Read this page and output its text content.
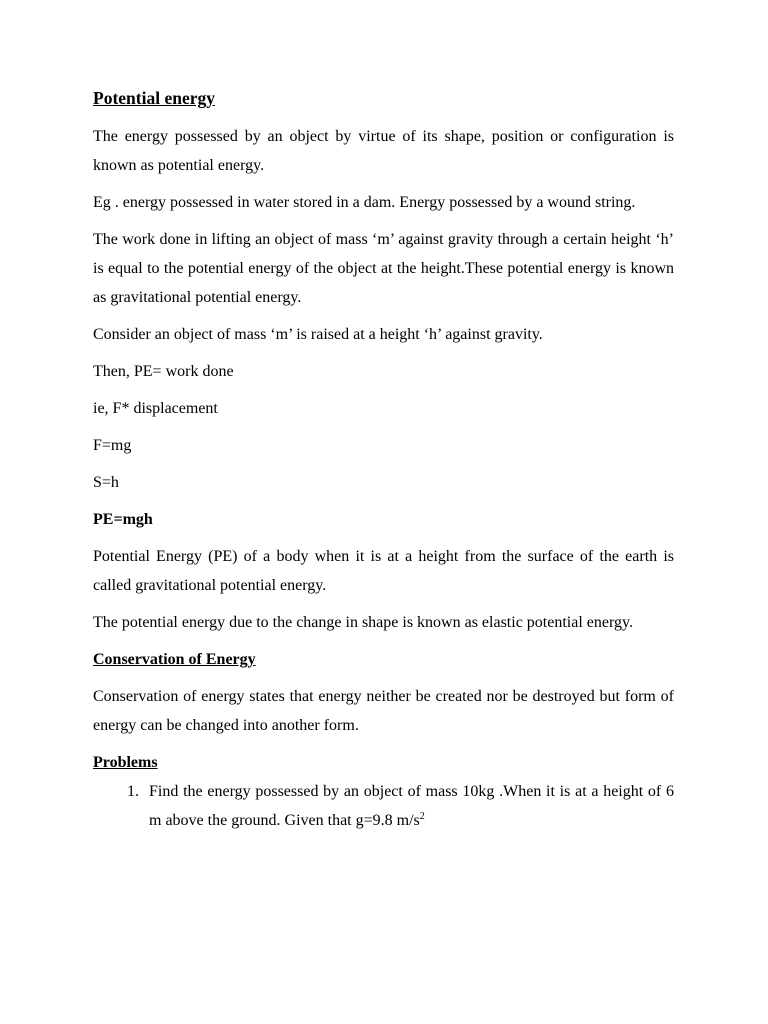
Potential energy

The energy possessed by an object by virtue of its shape, position or configuration is known as potential energy.

Eg . energy possessed in water stored in a dam. Energy possessed by a wound string.

The work done in lifting an object of mass ‘m’ against gravity through a certain height ‘h’ is equal to the potential energy of the object at the height.These potential energy is known as gravitational potential energy.

Consider an object of mass ‘m’ is raised at a height ‘h’ against gravity.

Then, PE= work done

ie, F* displacement

F=mg

S=h

PE=mgh

Potential Energy (PE) of a body when it is at a height from the surface of the earth is called gravitational potential energy.

The potential energy due to the change in shape is known as elastic potential energy.

Conservation of Energy

Conservation of energy states that energy neither be created nor be destroyed but form of energy can be changed into another form.

Problems
1. Find the energy possessed by an object of mass 10kg .When it is at a height of 6 m above the ground. Given that g=9.8 $m/s^2$
